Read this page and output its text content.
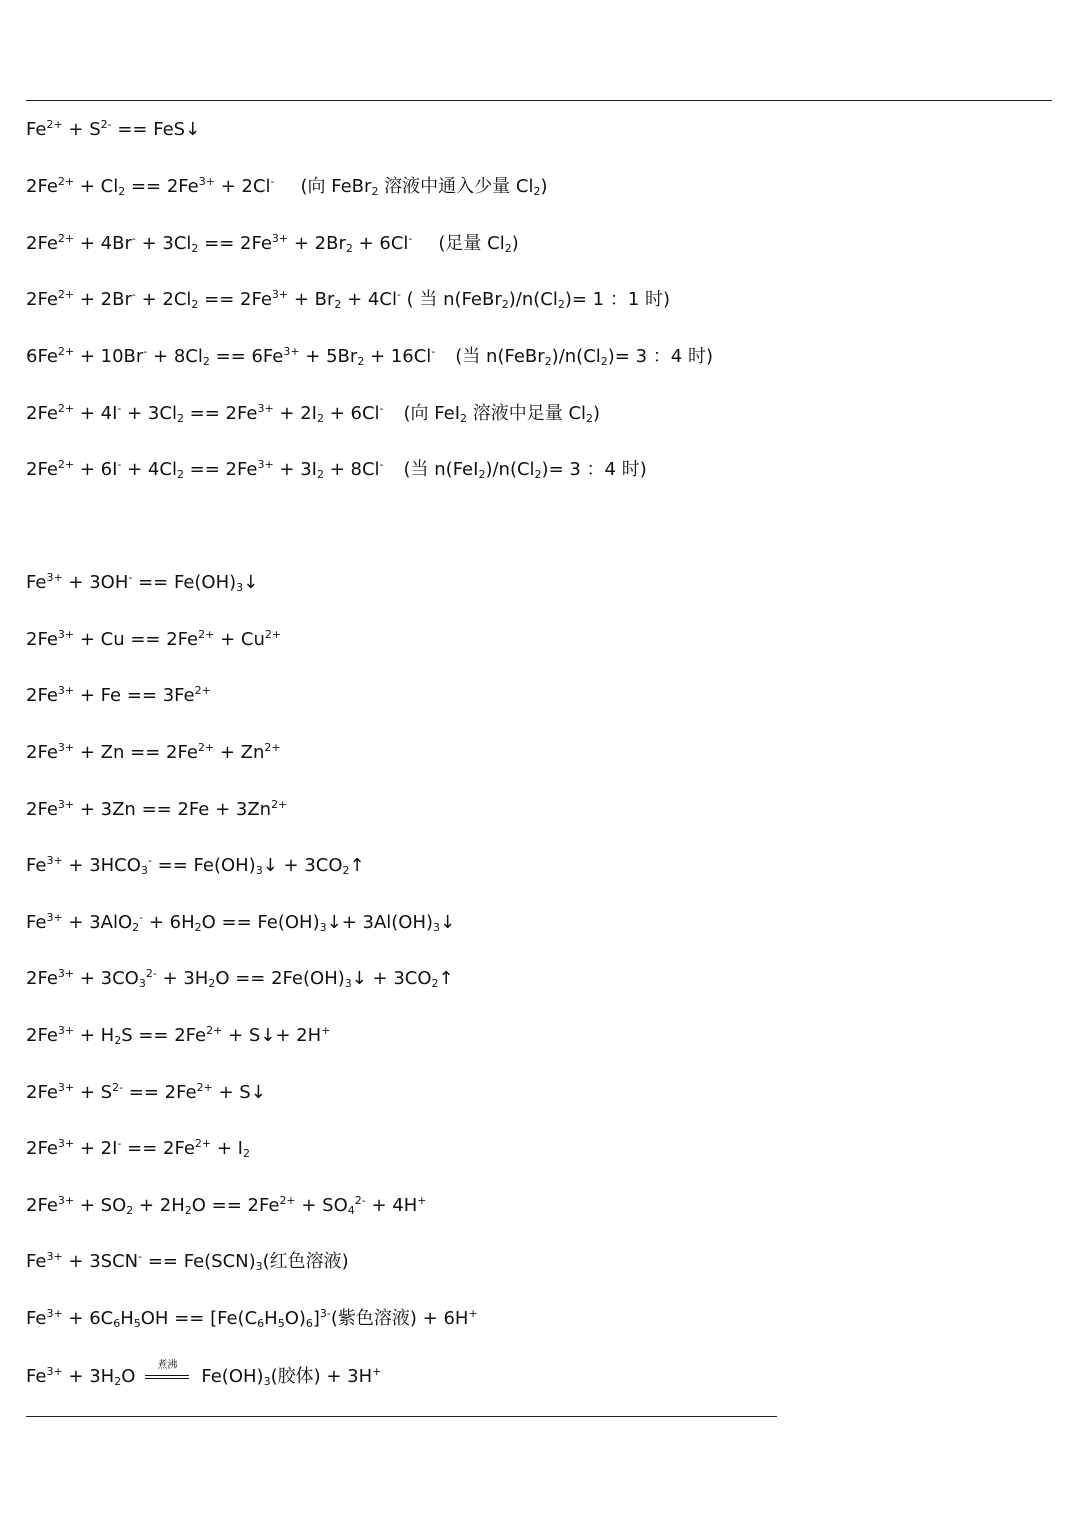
$Fe^{2+} + S^{2-}$ == FeS↓
$2Fe^{2+} + Cl_2 == 2Fe^{3+} + 2Cl^-$ (向 FeBr$_2$ 溶液中通入少量 $Cl_2$)
$2Fe^{2+} + 4Br^- + 3Cl_2 == 2Fe^{3+} + 2Br_2 + 6Cl^-$ (足量 $Cl_2$)
$2Fe^{2+} + 2Br^- + 2Cl_2 == 2Fe^{3+} + Br_2 + 4Cl^-$ ( 当 $n(FeBr_2)/n(Cl_2)= 1$ ：1 时)
$6Fe^{2+} + 10Br^- + 8Cl_2 == 6Fe^{3+} + 5Br_2 + 16Cl^-$ (当 $n(FeBr_2)/n(Cl_2)= 3$ ：4 时)
$2Fe^{2+} + 4I^- + 3Cl_2 == 2Fe^{3+} + 2I_2 + 6Cl^-$ (向 FeI$_2$ 溶液中足量 $Cl_2$)
$2Fe^{2+} + 6I^- + 4Cl_2 == 2Fe^{3+} + 3I_2 + 8Cl^-$ (当 $n(FeI_2)/n(Cl_2)= 3$ ：4 时)
$Fe^{3+} + 3OH^-$ == $Fe(OH)_3↓$
$2Fe^{3+} + Cu == 2Fe^{2+} + Cu^{2+}$
$2Fe^{3+} + Fe == 3Fe^{2+}$
$2Fe^{3+} + Zn == 2Fe^{2+} + Zn^{2+}$
$2Fe^{3+} + 3Zn == 2Fe + 3Zn^{2+}$
$Fe^{3+} + 3HCO_3^-$ == $Fe(OH)_3↓$ + $3CO_2↑$
$Fe^{3+} + 3AlO_2^- + 6H_2O$ == $Fe(OH)_3↓+$ $3Al(OH)_3↓$
$2Fe^{3+} + 3CO_3^{2-} + 3H_2O$ == $2Fe(OH)_3↓$ + $3CO_2↑$
$2Fe^{3+} + H_2S == 2Fe^{2+}$ + S↓+ 2H+
$2Fe^{3+} + S^{2-} == 2Fe^{2+}$ + S↓
$2Fe^{3+} + 2I^- == 2Fe^{2+} + I_2$
$2Fe^{3+} + SO_2 + 2H_2O == 2Fe^{2+} + SO_4^{2-} + 4H^+$
$Fe^{3+} + 3SCN^- == Fe(SCN)_3$(红色溶液)
$Fe^{3+} + 6C_6H_5OH == [Fe(C_6H_5O)_6]^{3-}$(紫色溶液) + 6H+
$Fe^{3+} + 3H_2O$
煮沸
$Fe(OH)_3$(胶体) + 3H+
